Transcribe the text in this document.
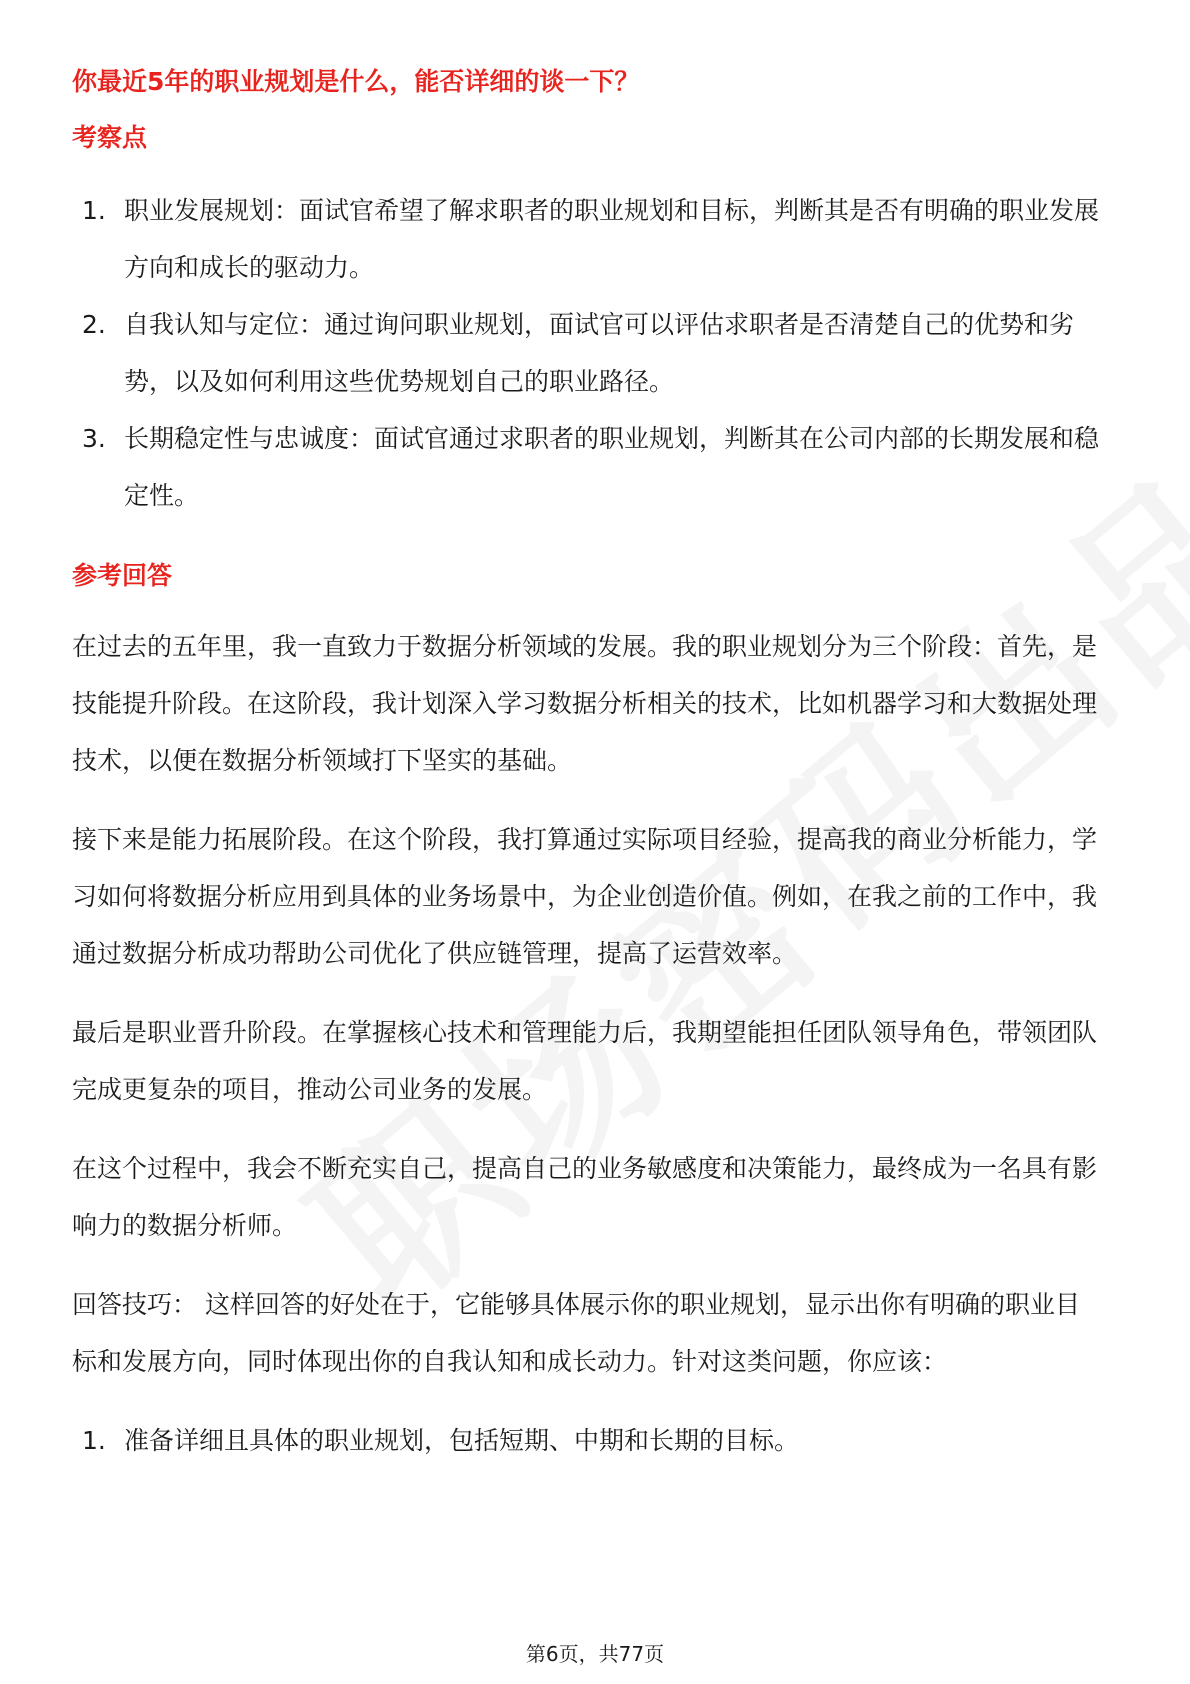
你最近5年的职业规划是什么，能否详细的谈一下？
考察点
1. 职业发展规划：面试官希望了解求职者的职业规划和目标，判断其是否有明确的职业发展方向和成长的驱动力。
2. 自我认知与定位：通过询问职业规划，面试官可以评估求职者是否清楚自己的优势和劣势，以及如何利用这些优势规划自己的职业路径。
3. 长期稳定性与忠诚度：面试官通过求职者的职业规划，判断其在公司内部的长期发展和稳定性。
参考回答

在过去的五年里，我一直致力于数据分析领域的发展。我的职业规划分为三个阶段：首先，是技能提升阶段。在这阶段，我计划深入学习数据分析相关的技术，比如机器学习和大数据处理技术，以便在数据分析领域打下坚实的基础。

接下来是能力拓展阶段。在这个阶段，我打算通过实际项目经验，提高我的商业分析能力，学习如何将数据分析应用到具体的业务场景中，为企业创造价值。例如，在我之前的工作中，我通过数据分析成功帮助公司优化了供应链管理，提高了运营效率。

最后是职业晋升阶段。在掌握核心技术和管理能力后，我期望能担任团队领导角色，带领团队完成更复杂的项目，推动公司业务的发展。

在这个过程中，我会不断充实自己，提高自己的业务敏感度和决策能力，最终成为一名具有影响力的数据分析师。

回答技巧： 这样回答的好处在于，它能够具体展示你的职业规划，显示出你有明确的职业目标和发展方向，同时体现出你的自我认知和成长动力。针对这类问题，你应该：

1. 准备详细且具体的职业规划，包括短期、中期和长期的目标。
第6页，共77页
